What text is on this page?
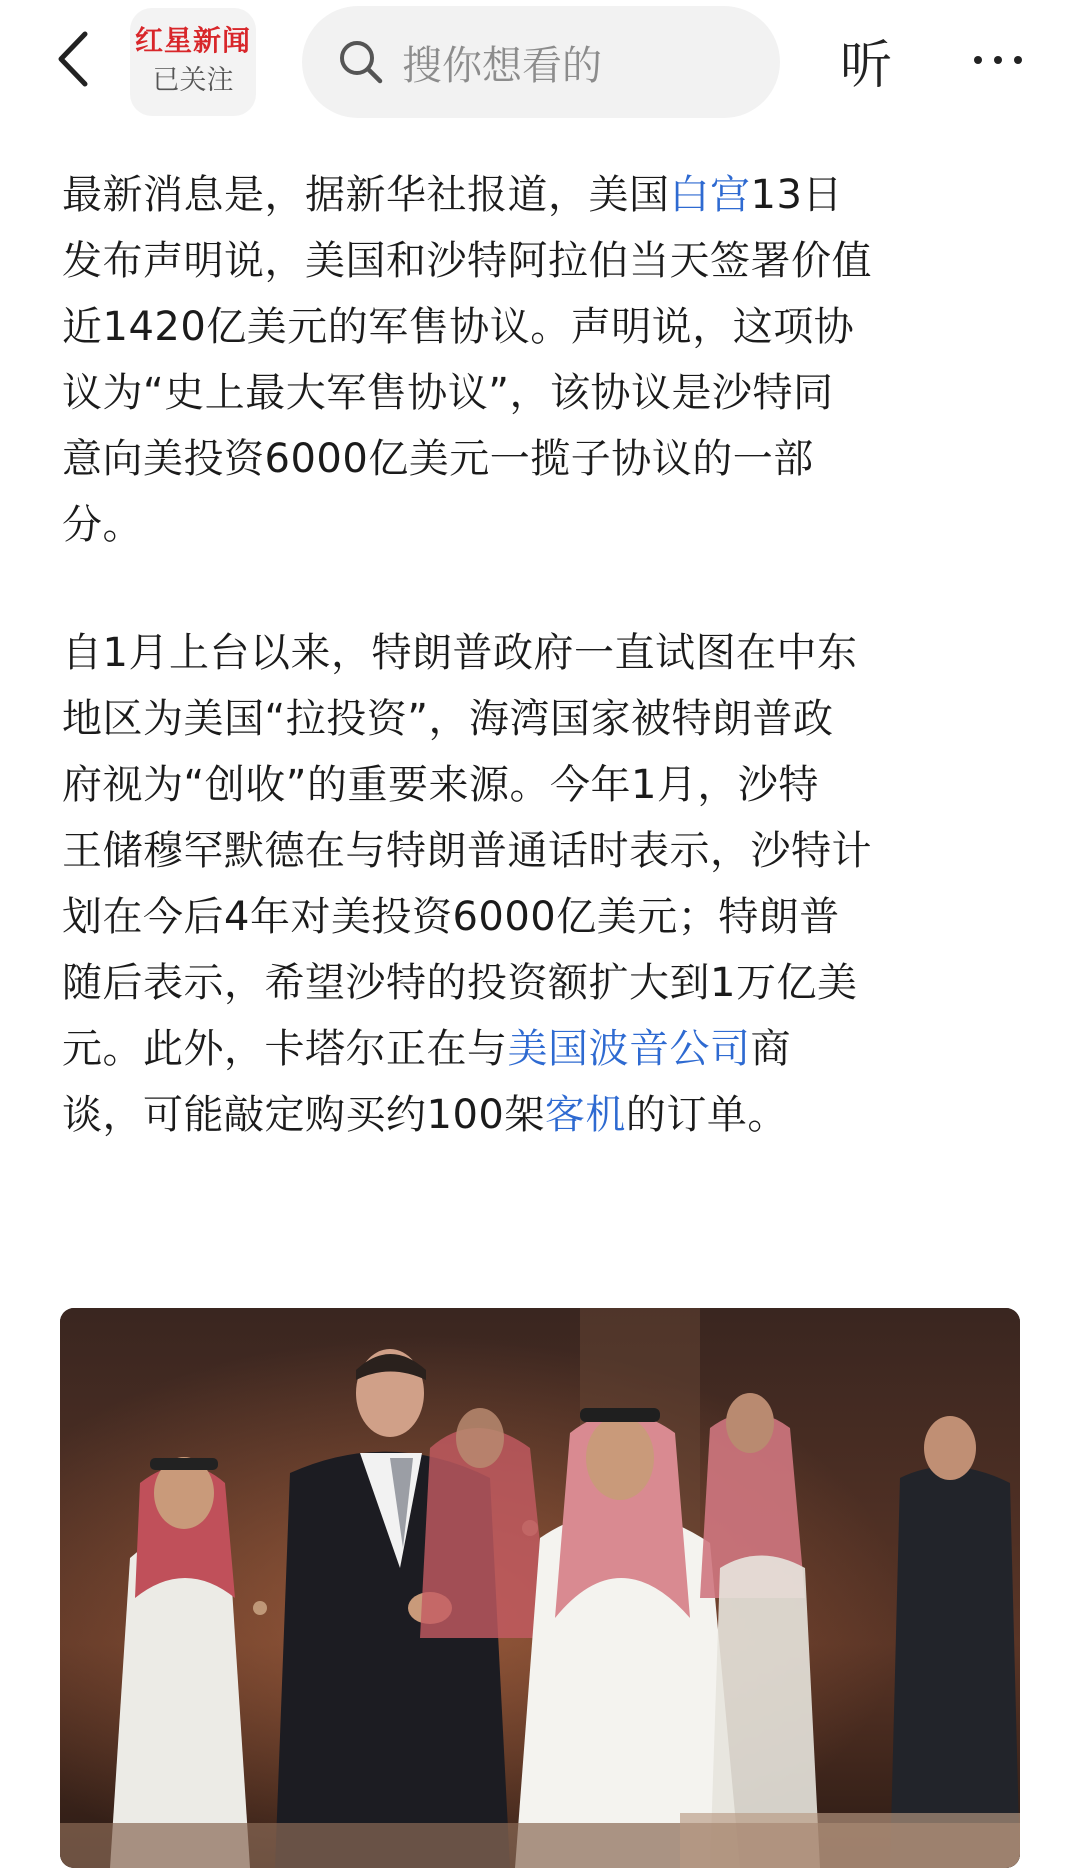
红星新闻
已关注	搜你想看的	听

最新消息是，据新华社报道，美国白宫13日
发布声明说，美国和沙特阿拉伯当天签署价值
近1420亿美元的军售协议。声明说，这项协
议为“史上最大军售协议”，该协议是沙特同
意向美投资6000亿美元一揽子协议的一部
分。

自1月上台以来，特朗普政府一直试图在中东
地区为美国“拉投资”，海湾国家被特朗普政
府视为“创收”的重要来源。今年1月，沙特
王储穆罕默德在与特朗普通话时表示，沙特计
划在今后4年对美投资6000亿美元；特朗普
随后表示，希望沙特的投资额扩大到1万亿美
元。此外，卡塔尔正在与美国波音公司商
谈，可能敲定购买约100架客机的订单。
